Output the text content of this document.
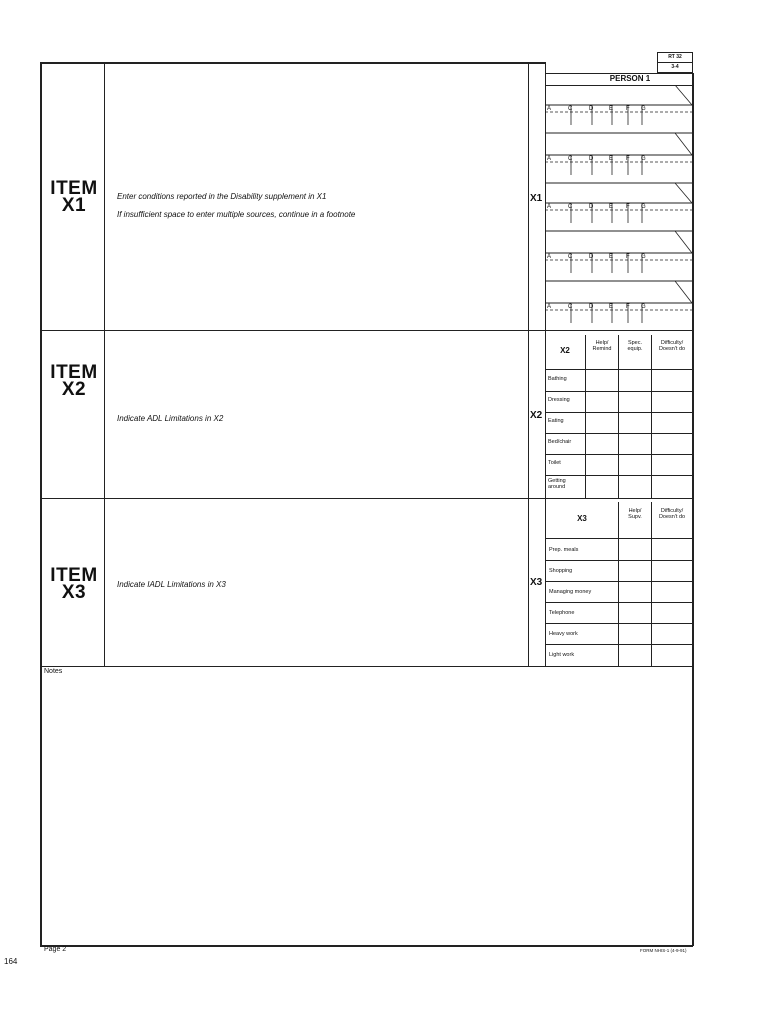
RT 32
3-4
PERSON 1
ITEM
X1	Enter conditions reported in the Disability supplement in X1
If insufficient space to enter multiple sources, continue in a footnote
X1
A	C	D	E F G
A	C	D	E F G
A	C	D	E F G
A	C	D	E F G
A	C	D	E F G
ITEM
X2
Indicate ADL Limitations in X2	X2
X2
Help/
Remind
Spec.
equip.
Difficulty/
Doesn't do
Bathing
Dressing
Eating
Bed/chair
Toilet
Getting
around
ITEM
X3	Indicate IADL Limitations in X3	X3
X3
Help/
Supv.
Difficulty/
Doesn't do
Prep. meals
Shopping
Managing money
Telephone
Heavy work
Light work
Notes
Page 2	FORM NHIS-1 (4-9-91)
164
